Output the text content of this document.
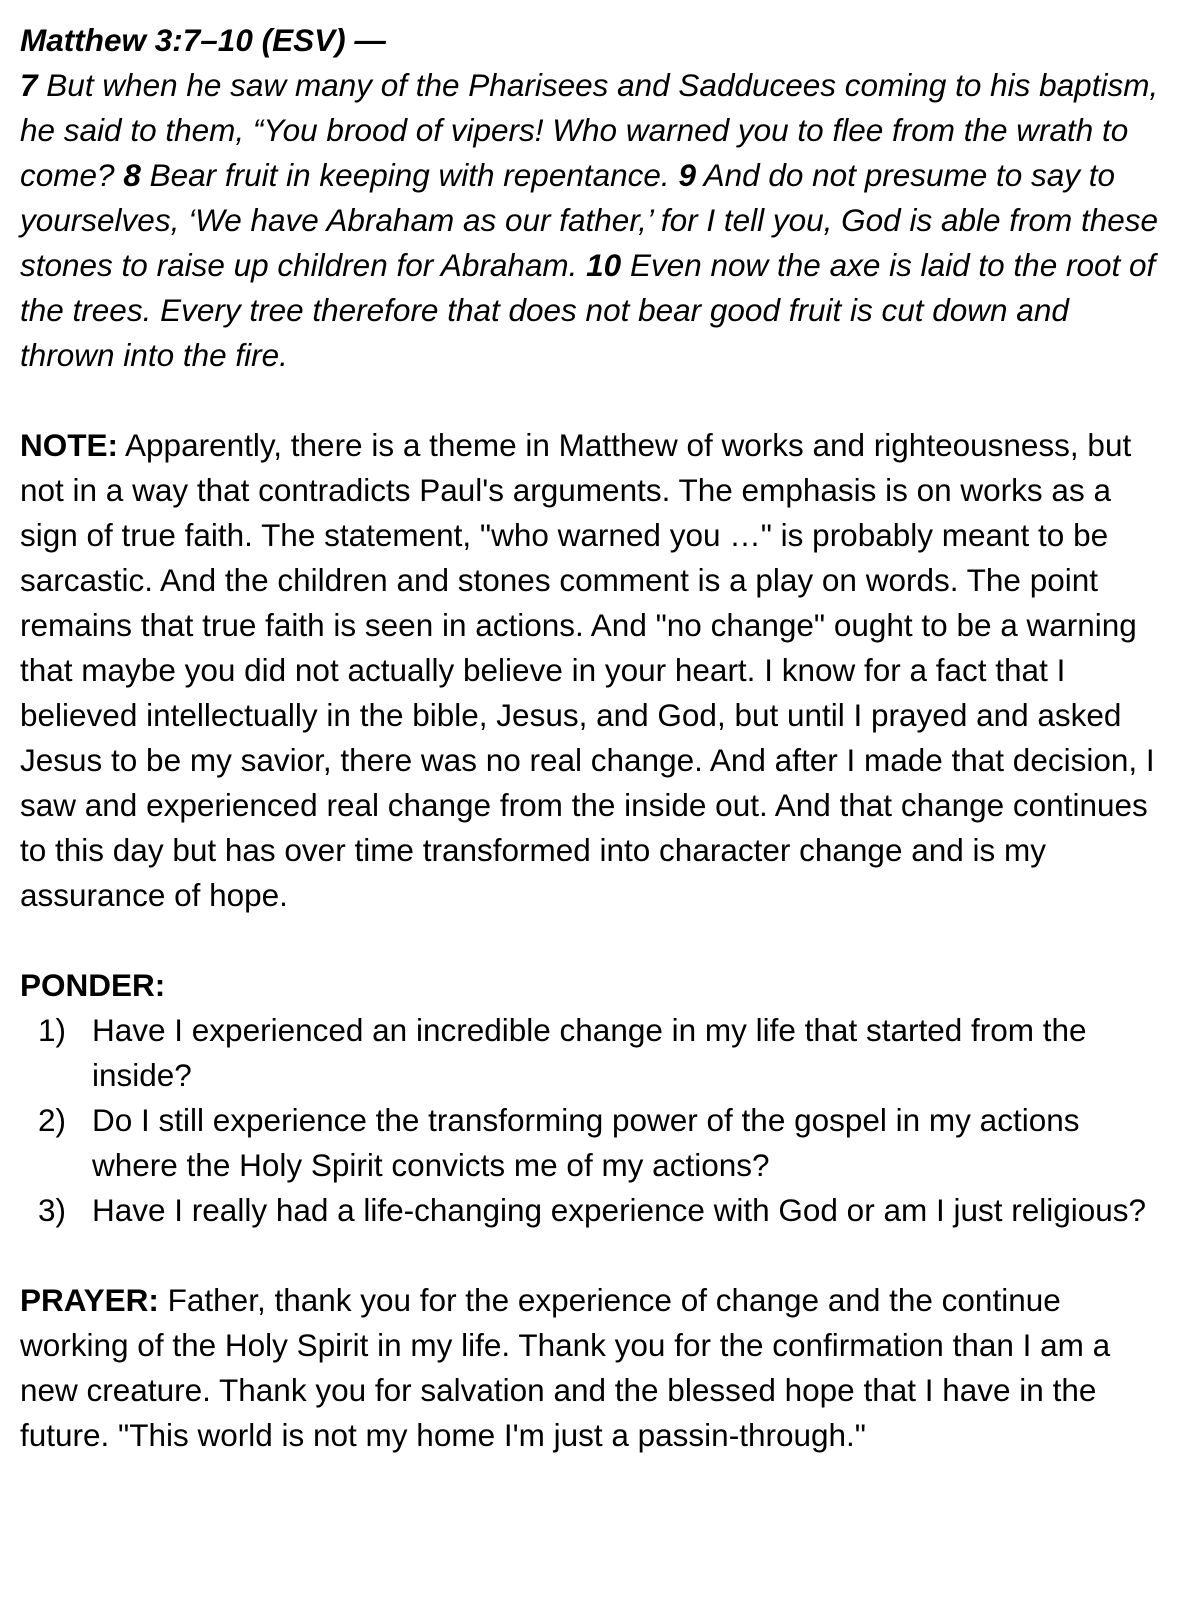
Matthew 3:7–10 (ESV) —
7 But when he saw many of the Pharisees and Sadducees coming to his baptism, he said to them, “You brood of vipers! Who warned you to flee from the wrath to come? 8 Bear fruit in keeping with repentance. 9 And do not presume to say to yourselves, ‘We have Abraham as our father,’ for I tell you, God is able from these stones to raise up children for Abraham. 10 Even now the axe is laid to the root of the trees. Every tree therefore that does not bear good fruit is cut down and thrown into the fire.
NOTE: Apparently, there is a theme in Matthew of works and righteousness, but not in a way that contradicts Paul's arguments. The emphasis is on works as a sign of true faith. The statement, "who warned you …" is probably meant to be sarcastic. And the children and stones comment is a play on words. The point remains that true faith is seen in actions. And "no change" ought to be a warning that maybe you did not actually believe in your heart. I know for a fact that I believed intellectually in the bible, Jesus, and God, but until I prayed and asked Jesus to be my savior, there was no real change. And after I made that decision, I saw and experienced real change from the inside out. And that change continues to this day but has over time transformed into character change and is my assurance of hope.
PONDER:
1) Have I experienced an incredible change in my life that started from the inside?
2) Do I still experience the transforming power of the gospel in my actions where the Holy Spirit convicts me of my actions?
3) Have I really had a life-changing experience with God or am I just religious?
PRAYER: Father, thank you for the experience of change and the continue working of the Holy Spirit in my life. Thank you for the confirmation than I am a new creature. Thank you for salvation and the blessed hope that I have in the future. "This world is not my home I'm just a passin-through."
